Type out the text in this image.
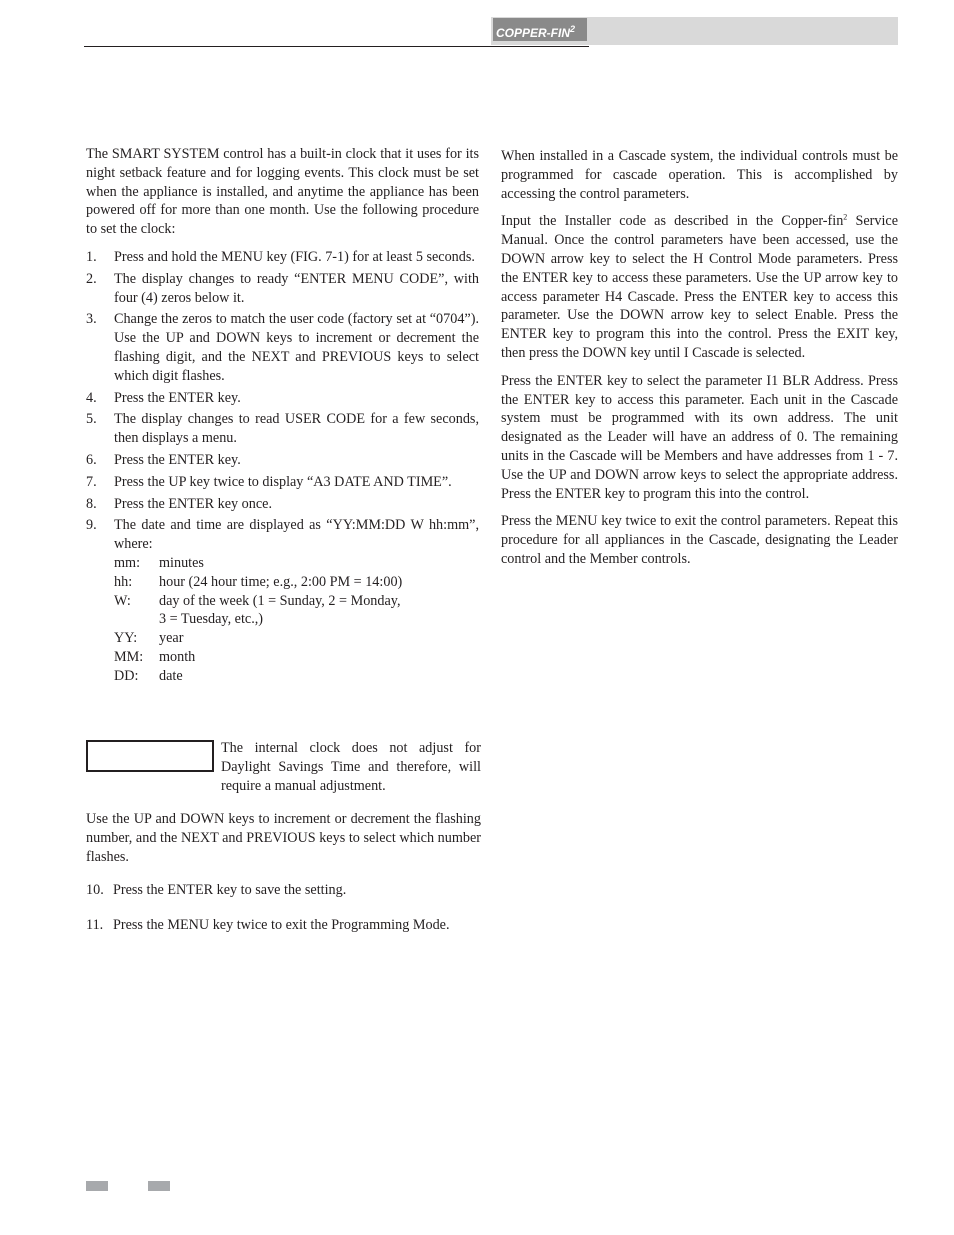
COPPER-FIN$^2$

The SMART SYSTEM control has a built-in clock that it uses for its night setback feature and for logging events. This clock must be set when the appliance is installed, and anytime the appliance has been powered off for more than one month. Use the following procedure to set the clock:

1. Press and hold the MENU key (FIG. 7-1) for at least 5 seconds.
2. The display changes to ready “ENTER MENU CODE”, with four (4) zeros below it.
3. Change the zeros to match the user code (factory set at “0704”). Use the UP and DOWN keys to increment or decrement the flashing digit, and the NEXT and PREVIOUS keys to select which digit flashes.
4. Press the ENTER key.
5. The display changes to read USER CODE for a few seconds, then displays a menu.
6. Press the ENTER key.
7. Press the UP key twice to display “A3 DATE AND TIME”.
8. Press the ENTER key once.
9. The date and time are displayed as “YY:MM:DD W hh:mm”, where:
mm:	minutes
hh:	hour (24 hour time; e.g., 2:00 PM = 14:00)
W:	day of the week (1 = Sunday, 2 = Monday,
3 = Tuesday, etc.,)
YY:	year
MM:	month
DD:	date
The internal clock does not adjust for Daylight Savings Time and therefore, will require a manual adjustment.
Use the UP and DOWN keys to increment or decrement the flashing number, and the NEXT and PREVIOUS keys to select which number flashes.
10. Press the ENTER key to save the setting.
11. Press the MENU key twice to exit the Programming Mode.

When installed in a Cascade system, the individual controls must be programmed for cascade operation. This is accomplished by accessing the control parameters.

Input the Installer code as described in the Copper-fin$^2$ Service Manual. Once the control parameters have been accessed, use the DOWN arrow key to select the H Control Mode parameters. Press the ENTER key to access these parameters. Use the UP arrow key to access parameter H4 Cascade. Press the ENTER key to access this parameter. Use the DOWN arrow key to select Enable. Press the ENTER key to program this into the control. Press the EXIT key, then press the DOWN key until I Cascade is selected.

Press the ENTER key to select the parameter I1 BLR Address. Press the ENTER key to access this parameter. Each unit in the Cascade system must be programmed with its own address. The unit designated as the Leader will have an address of 0. The remaining units in the Cascade will be Members and have addresses from 1 - 7. Use the UP and DOWN arrow keys to select the appropriate address. Press the ENTER key to program this into the control.

Press the MENU key twice to exit the control parameters. Repeat this procedure for all appliances in the Cascade, designating the Leader control and the Member controls.
